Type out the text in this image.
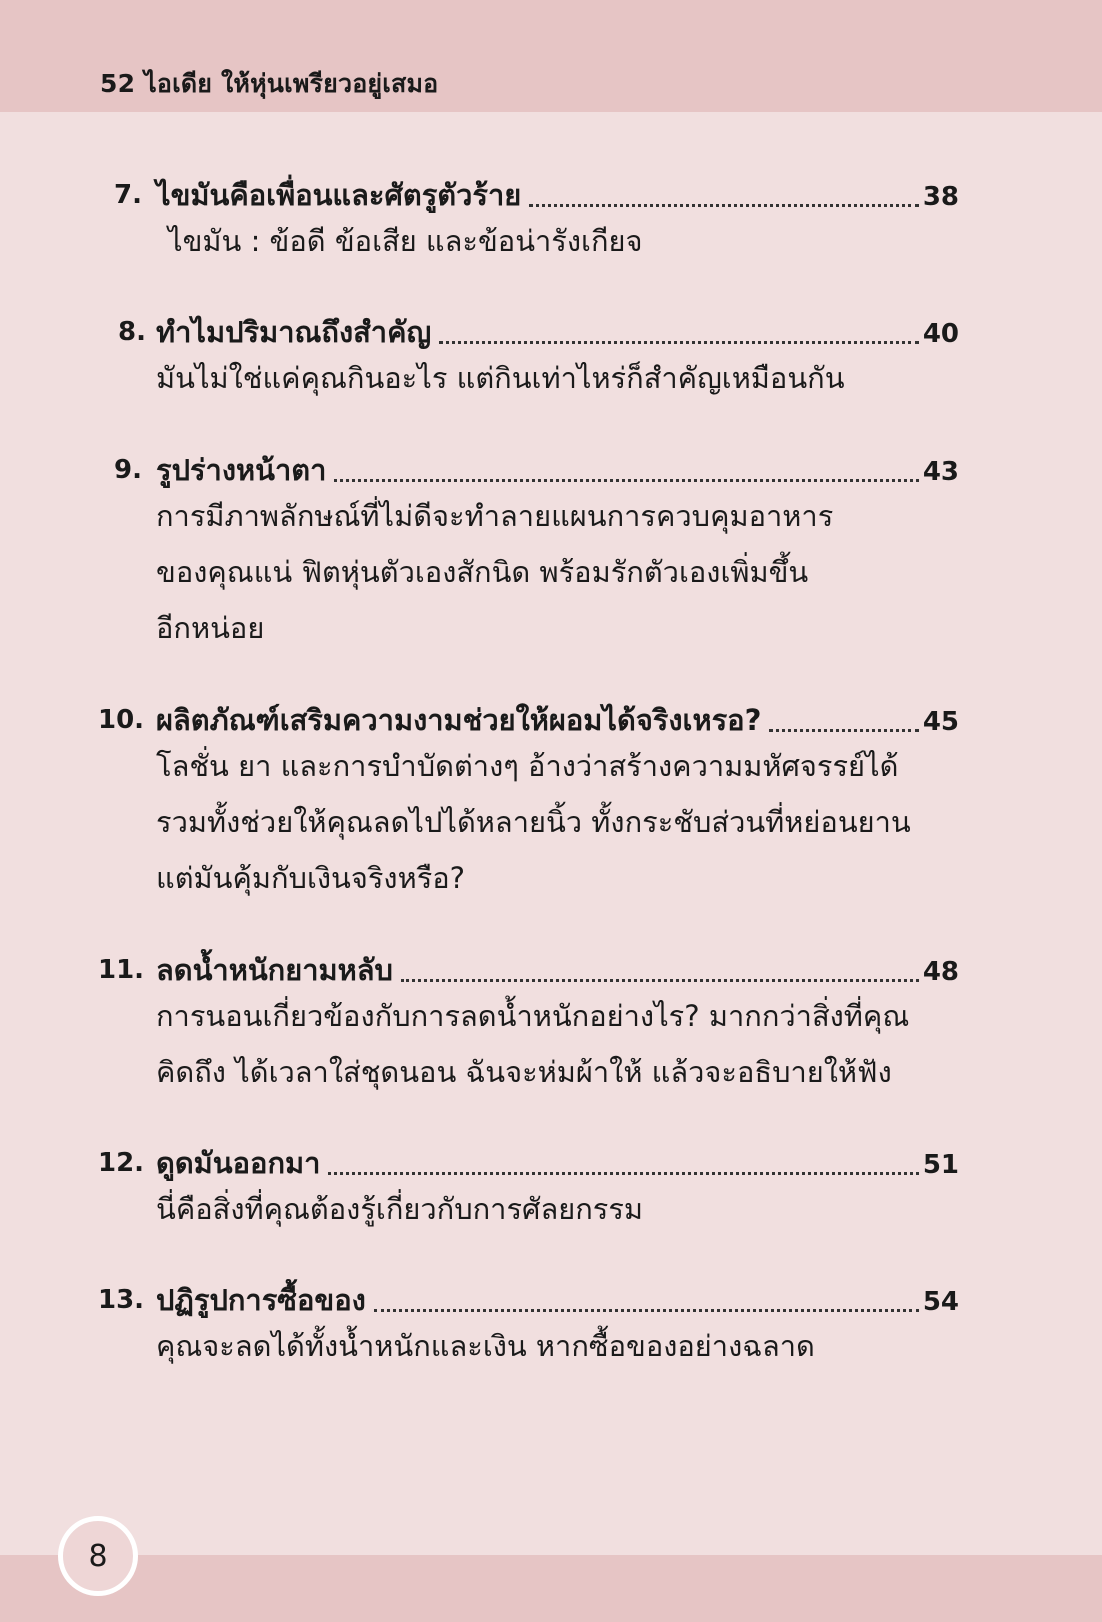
52 ไอเดีย ให้หุ่นเพรียวอยู่เสมอ
7. ไขมันคือเพื่อนและศัตรูตัวร้าย	38

ไขมัน : ข้อดี ข้อเสีย และข้อน่ารังเกียจ

8. ทำไมปริมาณถึงสำคัญ	40

มันไม่ใช่แค่คุณกินอะไร แต่กินเท่าไหร่ก็สำคัญเหมือนกัน

9. รูปร่างหน้าตา	43

การมีภาพลักษณ์ที่ไม่ดีจะทำลายแผนการควบคุมอาหาร
ของคุณแน่ ฟิตหุ่นตัวเองสักนิด พร้อมรักตัวเองเพิ่มขึ้น
อีกหน่อย

10. ผลิตภัณฑ์เสริมความงามช่วยให้ผอมได้จริงเหรอ?	45

โลชั่น ยา และการบำบัดต่างๆ อ้างว่าสร้างความมหัศจรรย์ได้
รวมทั้งช่วยให้คุณลดไปได้หลายนิ้ว ทั้งกระชับส่วนที่หย่อนยาน
แต่มันคุ้มกับเงินจริงหรือ?

11. ลดน้ำหนักยามหลับ	48

การนอนเกี่ยวข้องกับการลดน้ำหนักอย่างไร? มากกว่าสิ่งที่คุณ
คิดถึง ได้เวลาใส่ชุดนอน ฉันจะห่มผ้าให้ แล้วจะอธิบายให้ฟัง

12. ดูดมันออกมา	51

นี่คือสิ่งที่คุณต้องรู้เกี่ยวกับการศัลยกรรม

13. ปฏิรูปการซื้อของ	54

คุณจะลดได้ทั้งน้ำหนักและเงิน หากซื้อของอย่างฉลาด

8
